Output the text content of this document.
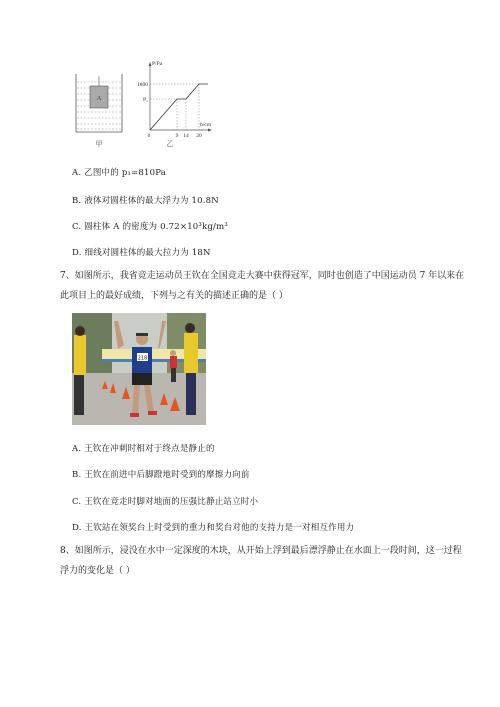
A
甲
P/Pa
h/cm
1800
P₁
0	9 14 20
乙
A. 乙图中的 p₁=810Pa
B. 液体对圆柱体的最大浮力为 10.8N
C. 圆柱体 A 的密度为 0.72×10³kg/m³
D. 细线对圆柱体的最大拉力为 18N
7、如图所示，我省竞走运动员王钦在全国竞走大赛中获得冠军，同时也创造了中国运动员 7 年以来在
此项目上的最好成绩，下列与之有关的描述正确的是（ ）
218
A. 王钦在冲刺时相对于终点是静止的
B. 王钦在前进中后脚蹬地时受到的摩擦力向前
C. 王钦在竞走时脚对地面的压强比静止站立时小
D. 王钦站在领奖台上时受到的重力和奖台对他的支持力是一对相互作用力
8、如图所示，浸没在水中一定深度的木块，从开始上浮到最后漂浮静止在水面上一段时间，这一过程
浮力的变化是（ ）
